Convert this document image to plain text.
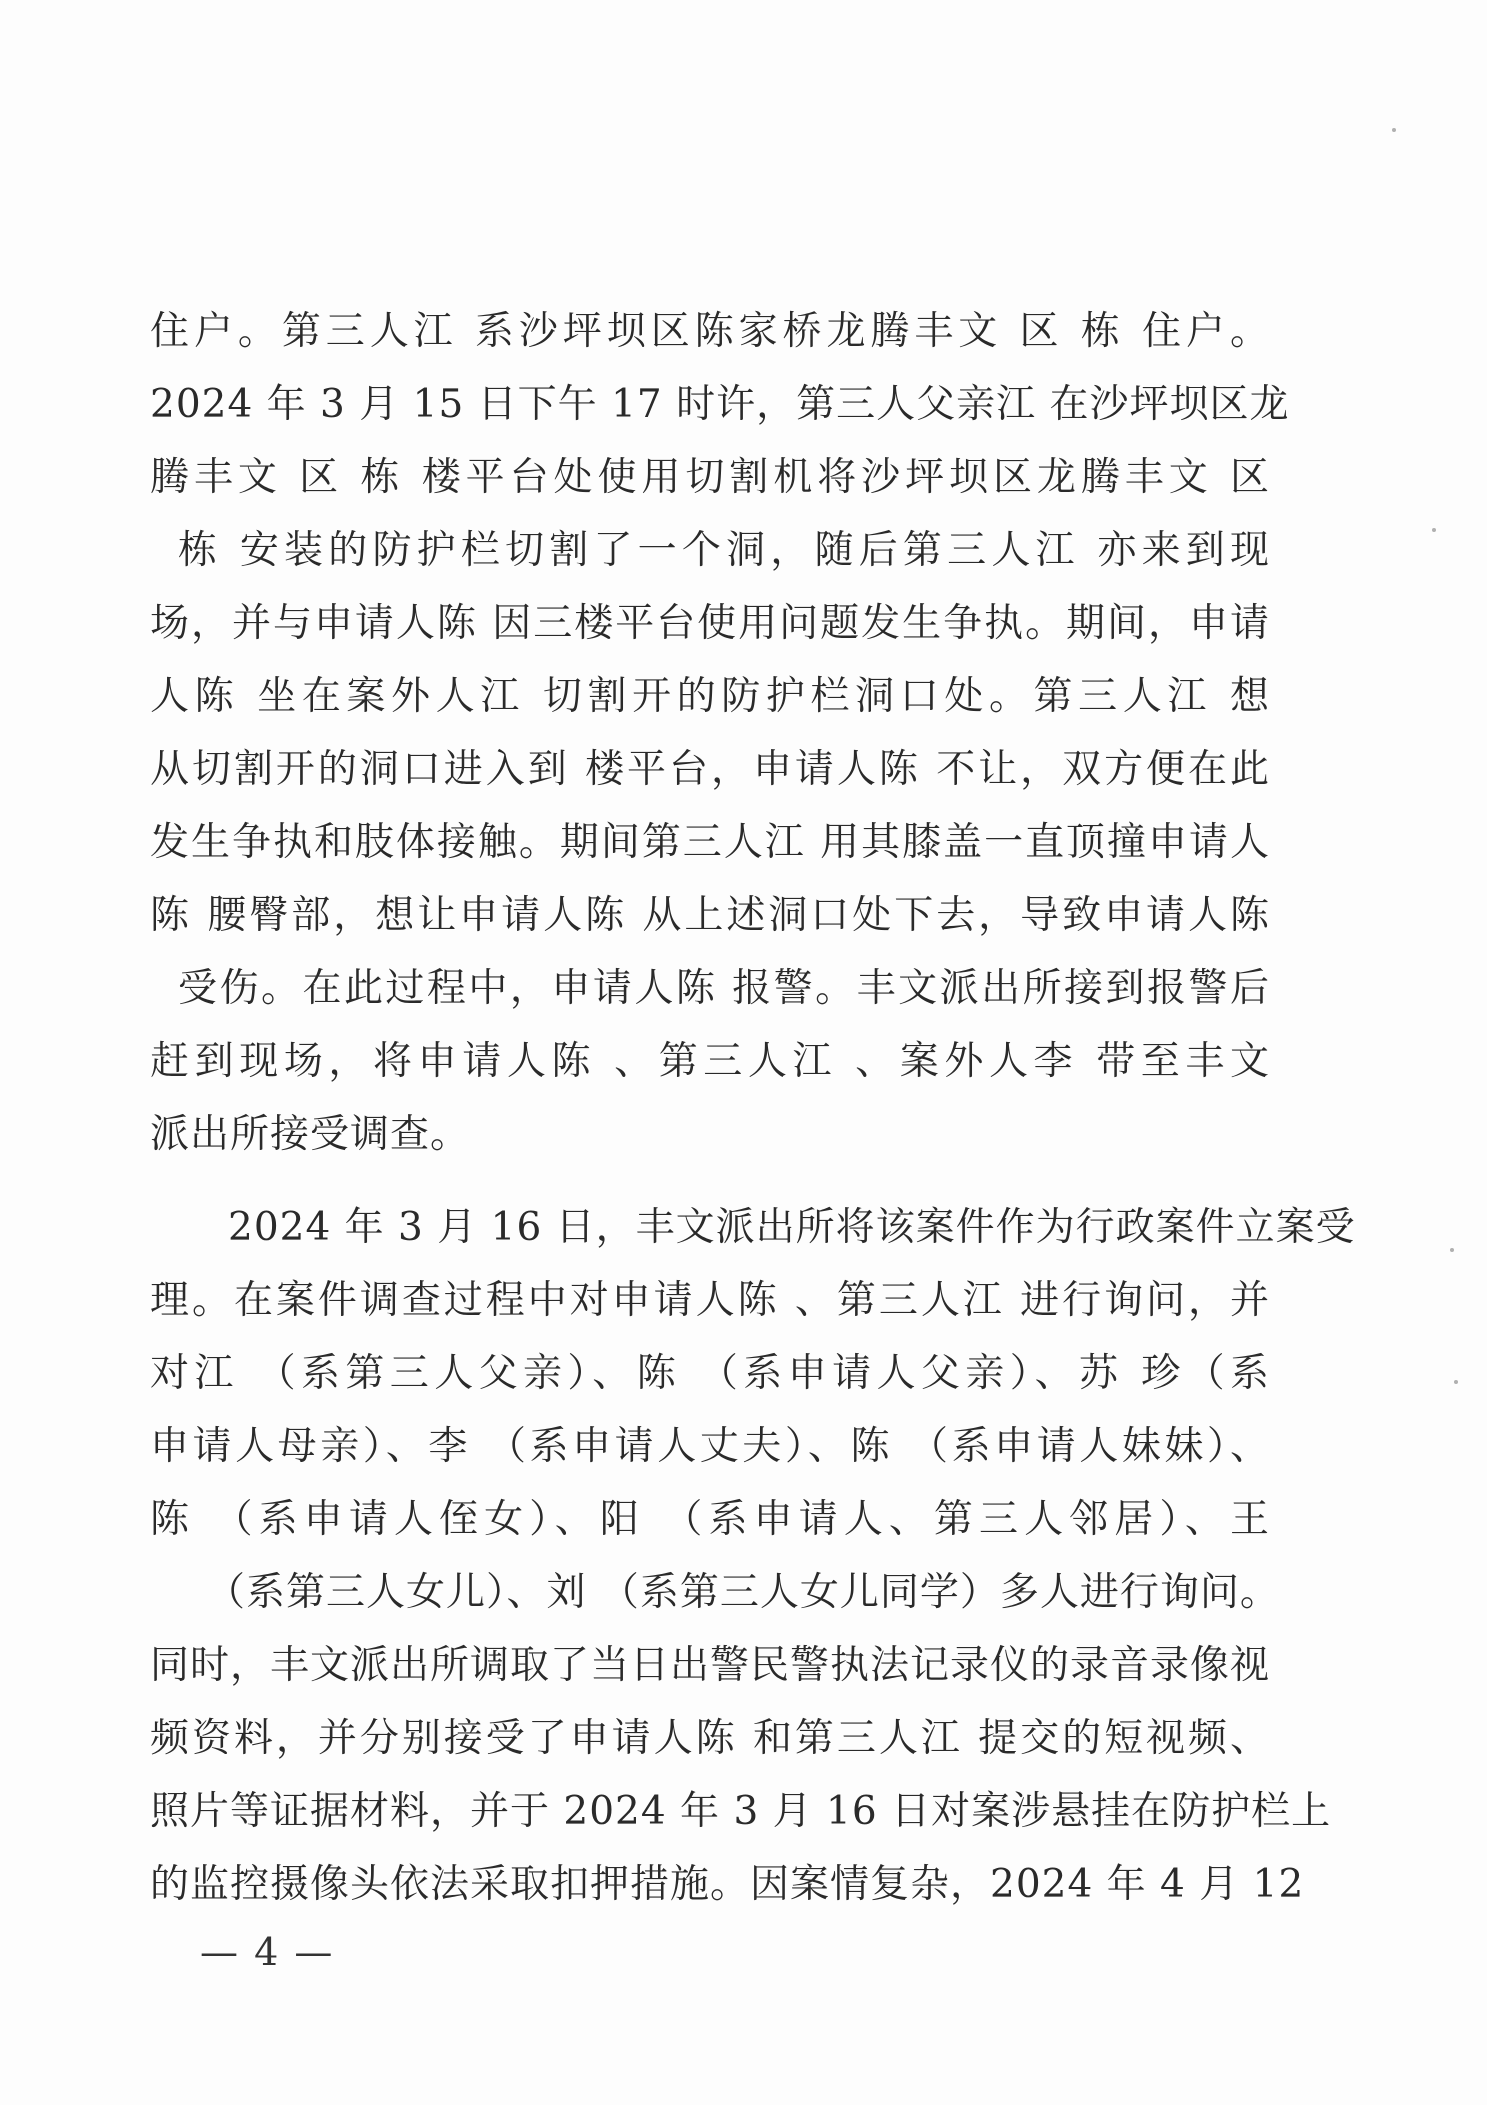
住户。第三人江 系沙坪坝区陈家桥龙腾丰文 区 栋 住户。
2024 年 3 月 15 日下午 17 时许，第三人父亲江 在沙坪坝区龙
腾丰文 区 栋 楼平台处使用切割机将沙坪坝区龙腾丰文 区
栋 安装的防护栏切割了一个洞，随后第三人江 亦来到现
场，并与申请人陈 因三楼平台使用问题发生争执。期间，申请
人陈 坐在案外人江 切割开的防护栏洞口处。第三人江 想
从切割开的洞口进入到 楼平台，申请人陈 不让，双方便在此
发生争执和肢体接触。期间第三人江 用其膝盖一直顶撞申请人
陈 腰臀部，想让申请人陈 从上述洞口处下去，导致申请人陈
受伤。在此过程中，申请人陈 报警。丰文派出所接到报警后
赶到现场，将申请人陈 、第三人江 、案外人李 带至丰文
派出所接受调查。
2024 年 3 月 16 日，丰文派出所将该案件作为行政案件立案受
理。在案件调查过程中对申请人陈 、第三人江 进行询问，并
对江 （系第三人父亲）、陈 （系申请人父亲）、苏 珍（系
申请人母亲）、李 （系申请人丈夫）、陈 （系申请人妹妹）、
陈 （系申请人侄女）、阳 （系申请人、第三人邻居）、王
（系第三人女儿）、刘 （系第三人女儿同学）多人进行询问。
同时，丰文派出所调取了当日出警民警执法记录仪的录音录像视
频资料，并分别接受了申请人陈 和第三人江 提交的短视频、
照片等证据材料，并于 2024 年 3 月 16 日对案涉悬挂在防护栏上
的监控摄像头依法采取扣押措施。因案情复杂，2024 年 4 月 12
— 4 —
